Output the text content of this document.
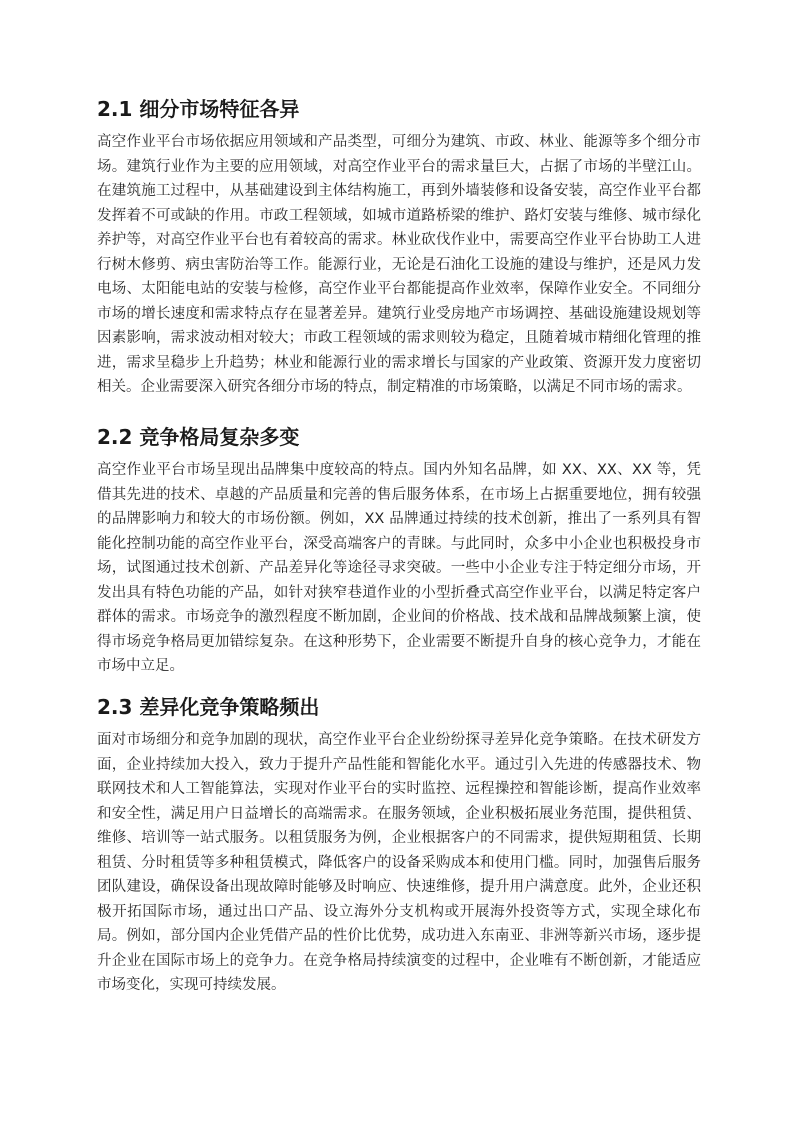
2.1 细分市场特征各异

高空作业平台市场依据应用领域和产品类型，可细分为建筑、市政、林业、能源等多个细分市场。建筑行业作为主要的应用领域，对高空作业平台的需求量巨大，占据了市场的半壁江山。在建筑施工过程中，从基础建设到主体结构施工，再到外墙装修和设备安装，高空作业平台都发挥着不可或缺的作用。市政工程领域，如城市道路桥梁的维护、路灯安装与维修、城市绿化养护等，对高空作业平台也有着较高的需求。林业砍伐作业中，需要高空作业平台协助工人进行树木修剪、病虫害防治等工作。能源行业，无论是石油化工设施的建设与维护，还是风力发电场、太阳能电站的安装与检修，高空作业平台都能提高作业效率，保障作业安全。不同细分市场的增长速度和需求特点存在显著差异。建筑行业受房地产市场调控、基础设施建设规划等因素影响，需求波动相对较大；市政工程领域的需求则较为稳定，且随着城市精细化管理的推进，需求呈稳步上升趋势；林业和能源行业的需求增长与国家的产业政策、资源开发力度密切相关。企业需要深入研究各细分市场的特点，制定精准的市场策略，以满足不同市场的需求。

2.2 竞争格局复杂多变

高空作业平台市场呈现出品牌集中度较高的特点。国内外知名品牌，如 XX、XX、XX 等，凭借其先进的技术、卓越的产品质量和完善的售后服务体系，在市场上占据重要地位，拥有较强的品牌影响力和较大的市场份额。例如，XX 品牌通过持续的技术创新，推出了一系列具有智能化控制功能的高空作业平台，深受高端客户的青睐。与此同时，众多中小企业也积极投身市场，试图通过技术创新、产品差异化等途径寻求突破。一些中小企业专注于特定细分市场，开发出具有特色功能的产品，如针对狭窄巷道作业的小型折叠式高空作业平台，以满足特定客户群体的需求。市场竞争的激烈程度不断加剧，企业间的价格战、技术战和品牌战频繁上演，使得市场竞争格局更加错综复杂。在这种形势下，企业需要不断提升自身的核心竞争力，才能在市场中立足。

2.3 差异化竞争策略频出

面对市场细分和竞争加剧的现状，高空作业平台企业纷纷探寻差异化竞争策略。在技术研发方面，企业持续加大投入，致力于提升产品性能和智能化水平。通过引入先进的传感器技术、物联网技术和人工智能算法，实现对作业平台的实时监控、远程操控和智能诊断，提高作业效率和安全性，满足用户日益增长的高端需求。在服务领域，企业积极拓展业务范围，提供租赁、维修、培训等一站式服务。以租赁服务为例，企业根据客户的不同需求，提供短期租赁、长期租赁、分时租赁等多种租赁模式，降低客户的设备采购成本和使用门槛。同时，加强售后服务团队建设，确保设备出现故障时能够及时响应、快速维修，提升用户满意度。此外，企业还积极开拓国际市场，通过出口产品、设立海外分支机构或开展海外投资等方式，实现全球化布局。例如，部分国内企业凭借产品的性价比优势，成功进入东南亚、非洲等新兴市场，逐步提升企业在国际市场上的竞争力。在竞争格局持续演变的过程中，企业唯有不断创新，才能适应市场变化，实现可持续发展。
